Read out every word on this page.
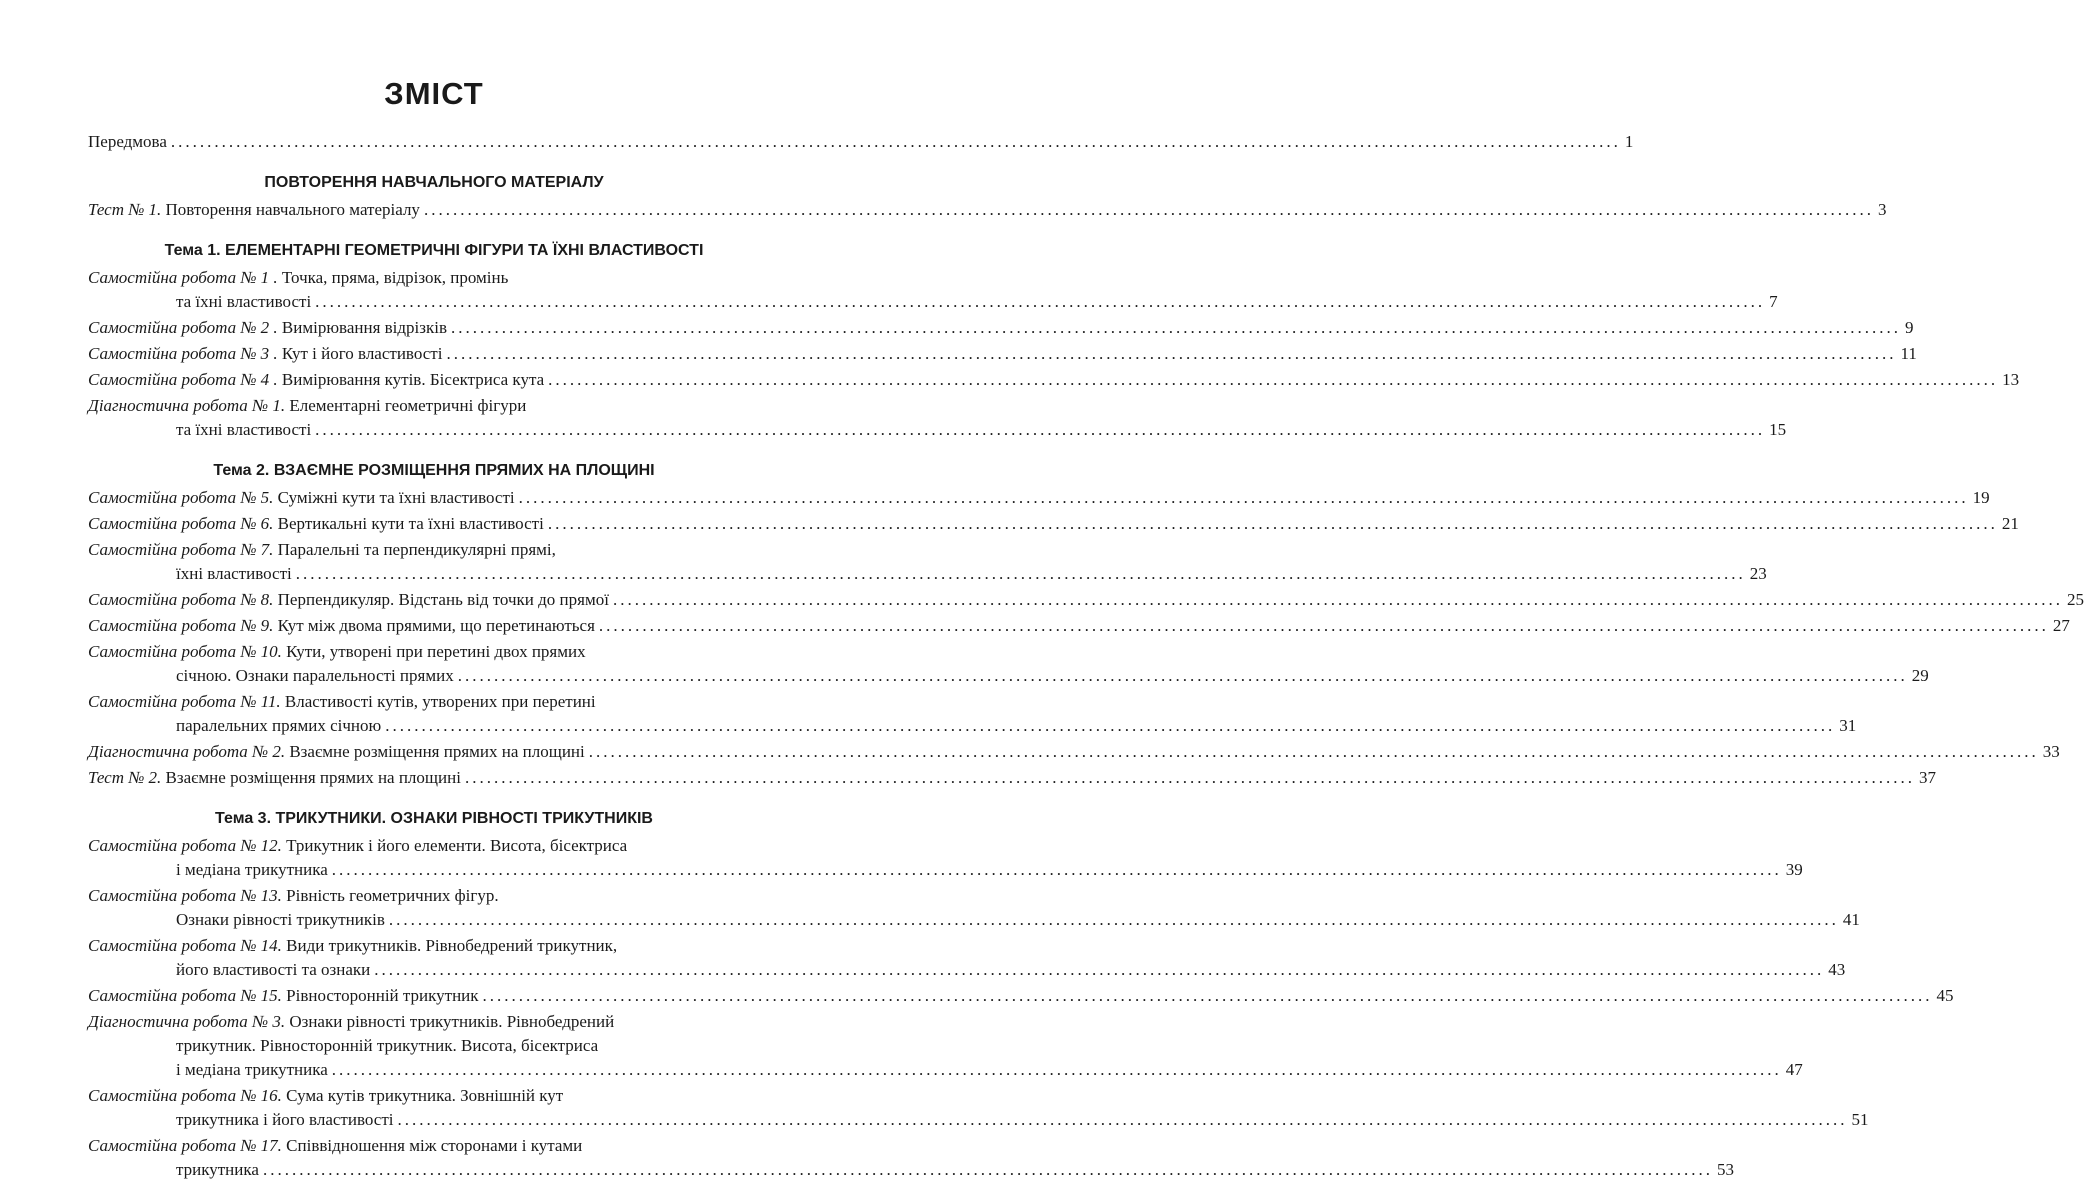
ЗМІСТ
Передмова ........................................................................................................................................................................................................ 1
ПОВТОРЕННЯ НАВЧАЛЬНОГО МАТЕРІАЛУ
Тест № 1. Повторення навчального матеріалу ........................................................................................................................................................................................................ 3
Тема 1. ЕЛЕМЕНТАРНІ ГЕОМЕТРИЧНІ ФІГУРИ ТА ЇХНІ ВЛАСТИВОСТІ
Самостійна робота № 1 . Точка, пряма, відрізок, промінь
та їхні властивості ........................................................................................................................................................................................................ 7
Самостійна робота № 2 . Вимірювання відрізків ........................................................................................................................................................................................................ 9
Самостійна робота № 3 . Кут і його властивості ........................................................................................................................................................................................................ 11
Самостійна робота № 4 . Вимірювання кутів. Бісектриса кута ........................................................................................................................................................................................................ 13
Діагностична робота № 1. Елементарні геометричні фігури
та їхні властивості ........................................................................................................................................................................................................ 15
Тема 2. ВЗАЄМНЕ РОЗМІЩЕННЯ ПРЯМИХ НА ПЛОЩИНІ
Самостійна робота № 5. Суміжні кути та їхні властивості ........................................................................................................................................................................................................ 19
Самостійна робота № 6. Вертикальні кути та їхні властивості ........................................................................................................................................................................................................ 21
Самостійна робота № 7. Паралельні та перпендикулярні прямі,
їхні властивості ........................................................................................................................................................................................................ 23
Самостійна робота № 8. Перпендикуляр. Відстань від точки до прямої ........................................................................................................................................................................................................ 25
Самостійна робота № 9. Кут між двома прямими, що перетинаються ........................................................................................................................................................................................................ 27
Самостійна робота № 10. Кути, утворені при перетині двох прямих
січною. Ознаки паралельності прямих ........................................................................................................................................................................................................ 29
Самостійна робота № 11. Властивості кутів, утворених при перетині
паралельних прямих січною ........................................................................................................................................................................................................ 31
Діагностична робота № 2. Взаємне розміщення прямих на площині ........................................................................................................................................................................................................ 33
Тест № 2. Взаємне розміщення прямих на площині ........................................................................................................................................................................................................ 37
Тема 3. ТРИКУТНИКИ. ОЗНАКИ РІВНОСТІ ТРИКУТНИКІВ
Самостійна робота № 12. Трикутник і його елементи. Висота, бісектриса
і медіана трикутника ........................................................................................................................................................................................................ 39
Самостійна робота № 13. Рівність геометричних фігур.
Ознаки рівності трикутників ........................................................................................................................................................................................................ 41
Самостійна робота № 14. Види трикутників. Рівнобедрений трикутник,
його властивості та ознаки ........................................................................................................................................................................................................ 43
Самостійна робота № 15. Рівносторонній трикутник ........................................................................................................................................................................................................ 45
Діагностична робота № 3. Ознаки рівності трикутників. Рівнобедрений
трикутник. Рівносторонній трикутник. Висота, бісектриса
і медіана трикутника ........................................................................................................................................................................................................ 47
Самостійна робота № 16. Сума кутів трикутника. Зовнішній кут
трикутника і його властивості ........................................................................................................................................................................................................ 51
Самостійна робота № 17. Співвідношення між сторонами і кутами
трикутника ........................................................................................................................................................................................................ 53
